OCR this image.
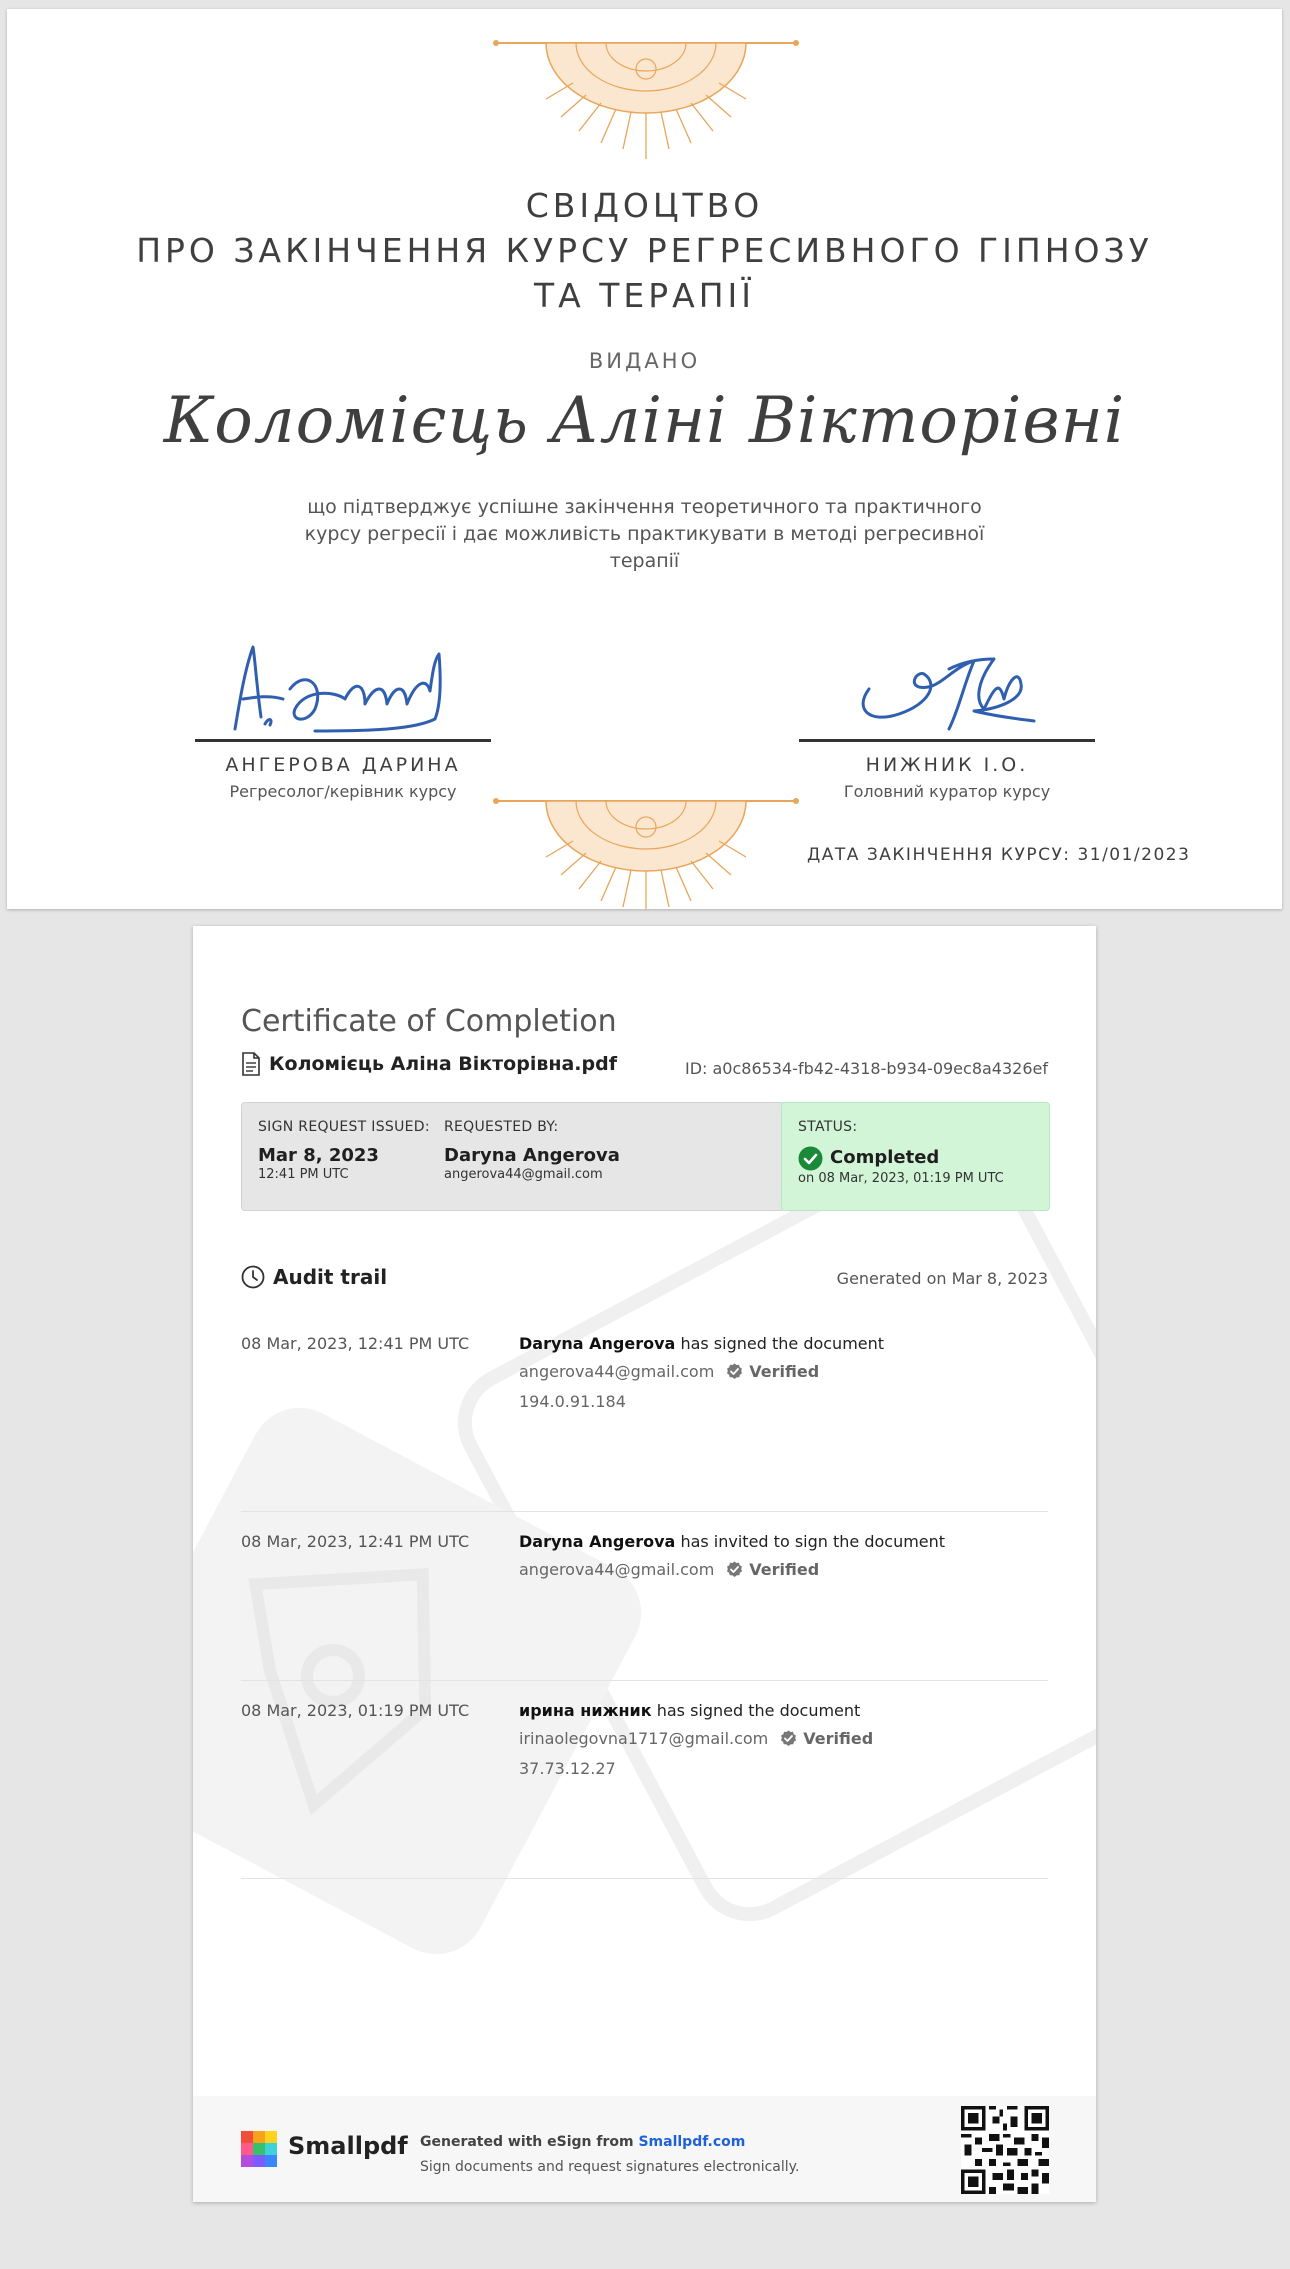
СВІДОЦТВО
ПРО ЗАКІНЧЕННЯ КУРСУ РЕГРЕСИВНОГО ГІПНОЗУ
ТА ТЕРАПІЇ
ВИДАНО
Коломієць Аліні Вікторівні
що підтверджує успішне закінчення теоретичного та практичного курсу регресії і дає можливість практикувати в методі регресивної терапії
АНГЕРОВА ДАРИНА
Регресолог/керівник курсу
НИЖНИК І.О.
Головний куратор курсу
ДАТА ЗАКІНЧЕННЯ КУРСУ: 31/01/2023
Certificate of Completion
Коломієць Аліна Вікторівна.pdf	ID: a0c86534-fb42-4318-b934-09ec8a4326ef
SIGN REQUEST ISSUED:
Mar 8, 2023
12:41 PM UTC
REQUESTED BY:
Daryna Angerova
angerova44@gmail.com
STATUS:
Completed
on 08 Mar, 2023, 01:19 PM UTC
Audit trail	Generated on Mar 8, 2023
08 Mar, 2023, 12:41 PM UTC	Daryna Angerova has signed the document
angerova44@gmail.com Verified
194.0.91.184
08 Mar, 2023, 12:41 PM UTC	Daryna Angerova has invited to sign the document
angerova44@gmail.com Verified
08 Mar, 2023, 01:19 PM UTC	ирина нижник has signed the document
irinaolegovna1717@gmail.com Verified
37.73.12.27
Smallpdf Generated with eSign from Smallpdf.com
Sign documents and request signatures electronically.
